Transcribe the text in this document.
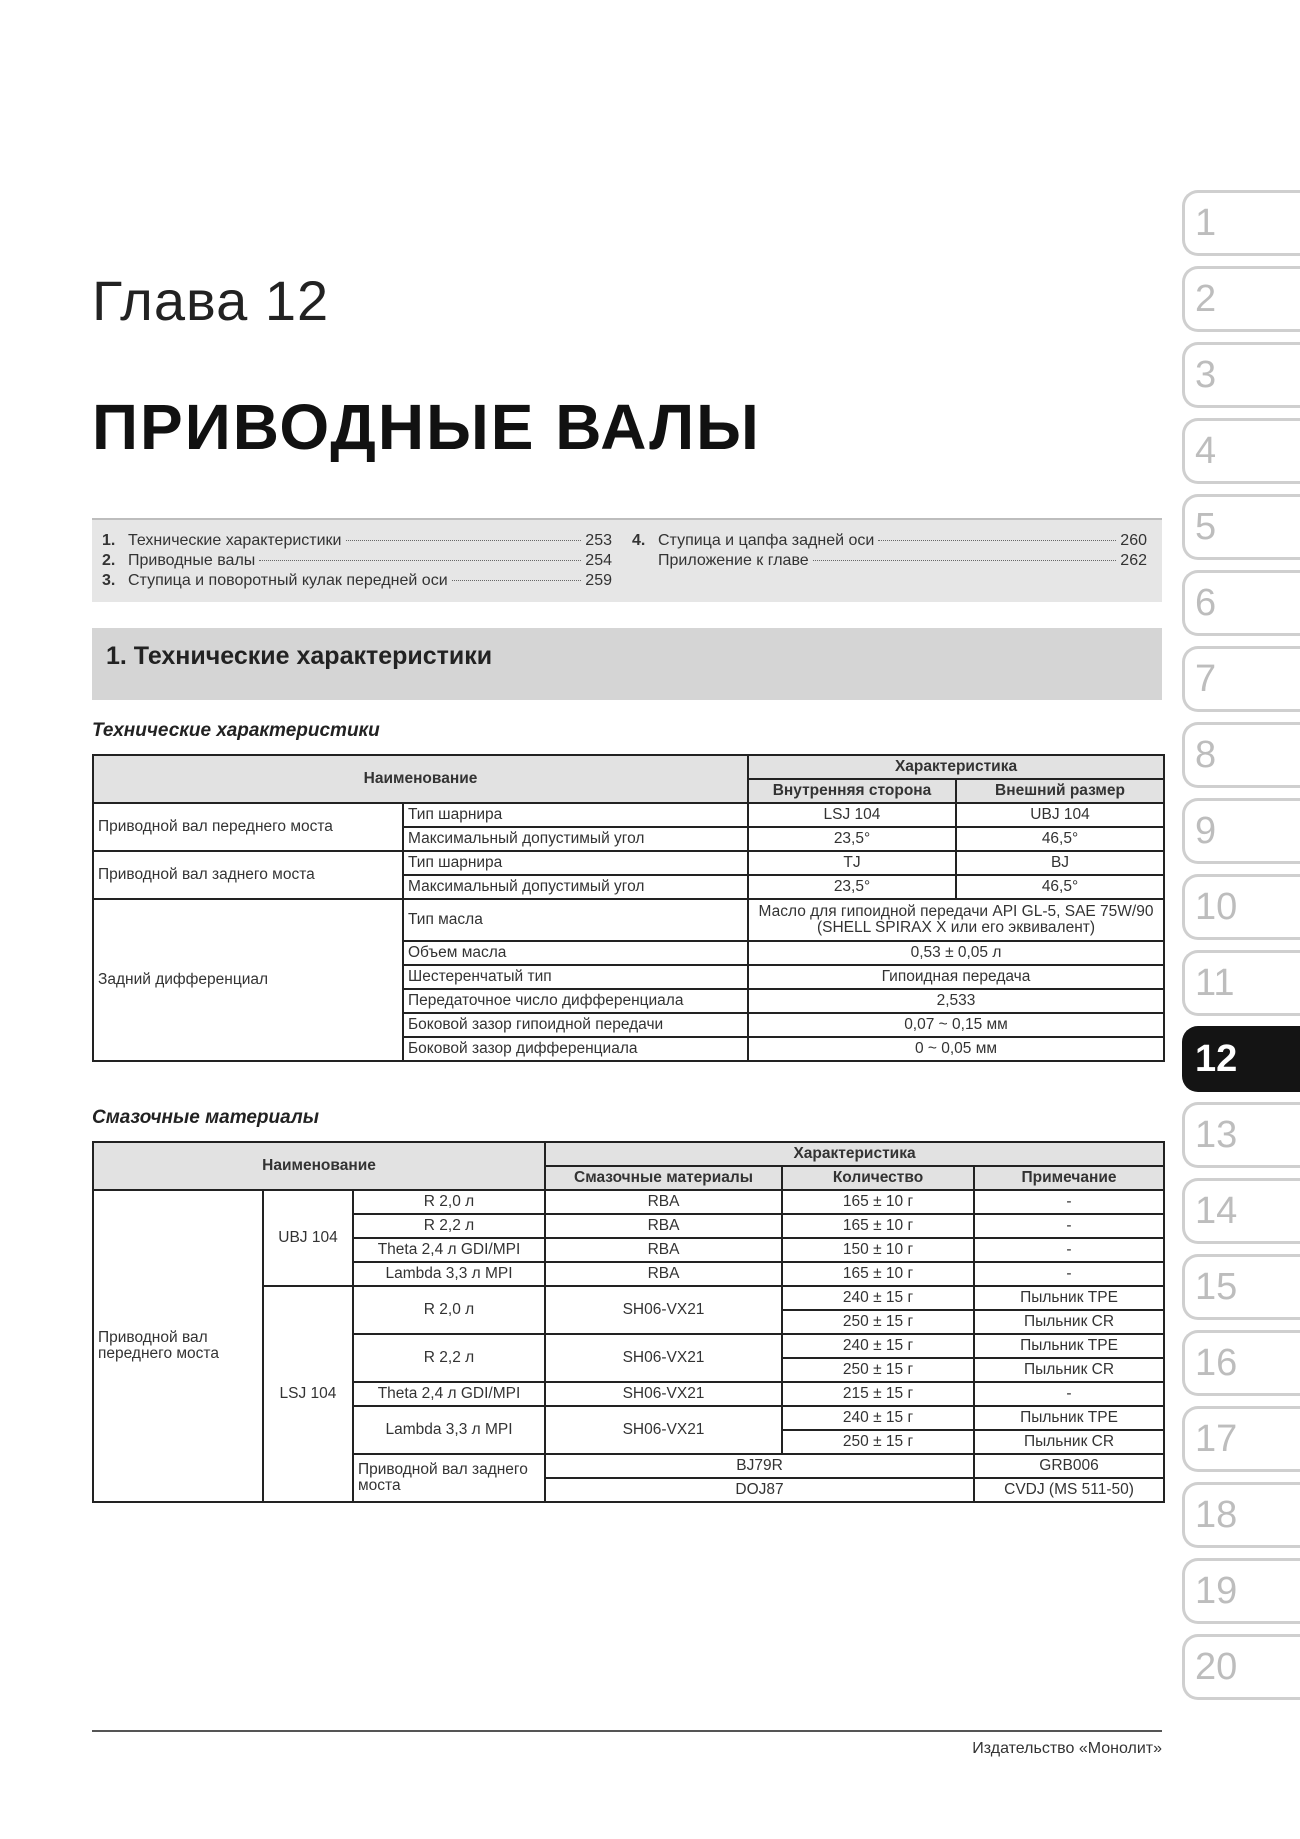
Глава 12
ПРИВОДНЫЕ ВАЛЫ
1. Технические характеристики	253
2. Приводные валы	254
3. Ступица и поворотный кулак передней оси	259
4. Ступица и цапфа задней оси	260
Приложение к главе	262
1. Технические характеристики
Технические характеристики
Наименование		Характеристика	
		Внутренняя сторона	Внешний размер
Приводной вал переднего моста	Тип шарнира	LSJ 104	UBJ 104
	Максимальный допустимый угол	23,5°	46,5°
Приводной вал заднего моста	Тип шарнира	TJ	BJ
	Максимальный допустимый угол	23,5°	46,5°
Задний дифференциал	Тип масла	Масло для гипоидной передачи API GL-5, SAE 75W/90 (SHELL SPIRAX X или его эквивалент)	
	Объем масла	0,53 ± 0,05 л	
	Шестеренчатый тип	Гипоидная передача	
	Передаточное число дифференциала	2,533	
	Боковой зазор гипоидной передачи	0,07 ~ 0,15 мм	
	Боковой зазор дифференциала	0 ~ 0,05 мм	
Смазочные материалы
Наименование			Характеристика			
			Смазочные материалы	Количество	Примечание	
Приводной вал переднего моста	UBJ 104	R 2,0 л	RBA	165 ± 10 г	-	
		R 2,2 л	RBA	165 ± 10 г	-	
		Theta 2,4 л GDI/MPI	RBA	150 ± 10 г	-	
		Lambda 3,3 л MPI	RBA	165 ± 10 г	-	
	LSJ 104	R 2,0 л	SH06-VX21	240 ± 15 г	Пыльник TPE	
				250 ± 15 г	Пыльник CR	
		R 2,2 л	SH06-VX21	240 ± 15 г	Пыльник TPE	
				250 ± 15 г	Пыльник CR	
		Theta 2,4 л GDI/MPI	SH06-VX21	215 ± 15 г	-	
		Lambda 3,3 л MPI	SH06-VX21	240 ± 15 г	Пыльник TPE	
				250 ± 15 г	Пыльник CR	
		Приводной вал заднего моста	BJ79R		GRB006		
			DOJ87		CVDJ (MS 511-50)		
1
2
3
4
5
6
7
8
9
10
11
12
13
14
15
16
17
18
19
20
Издательство «Монолит»
